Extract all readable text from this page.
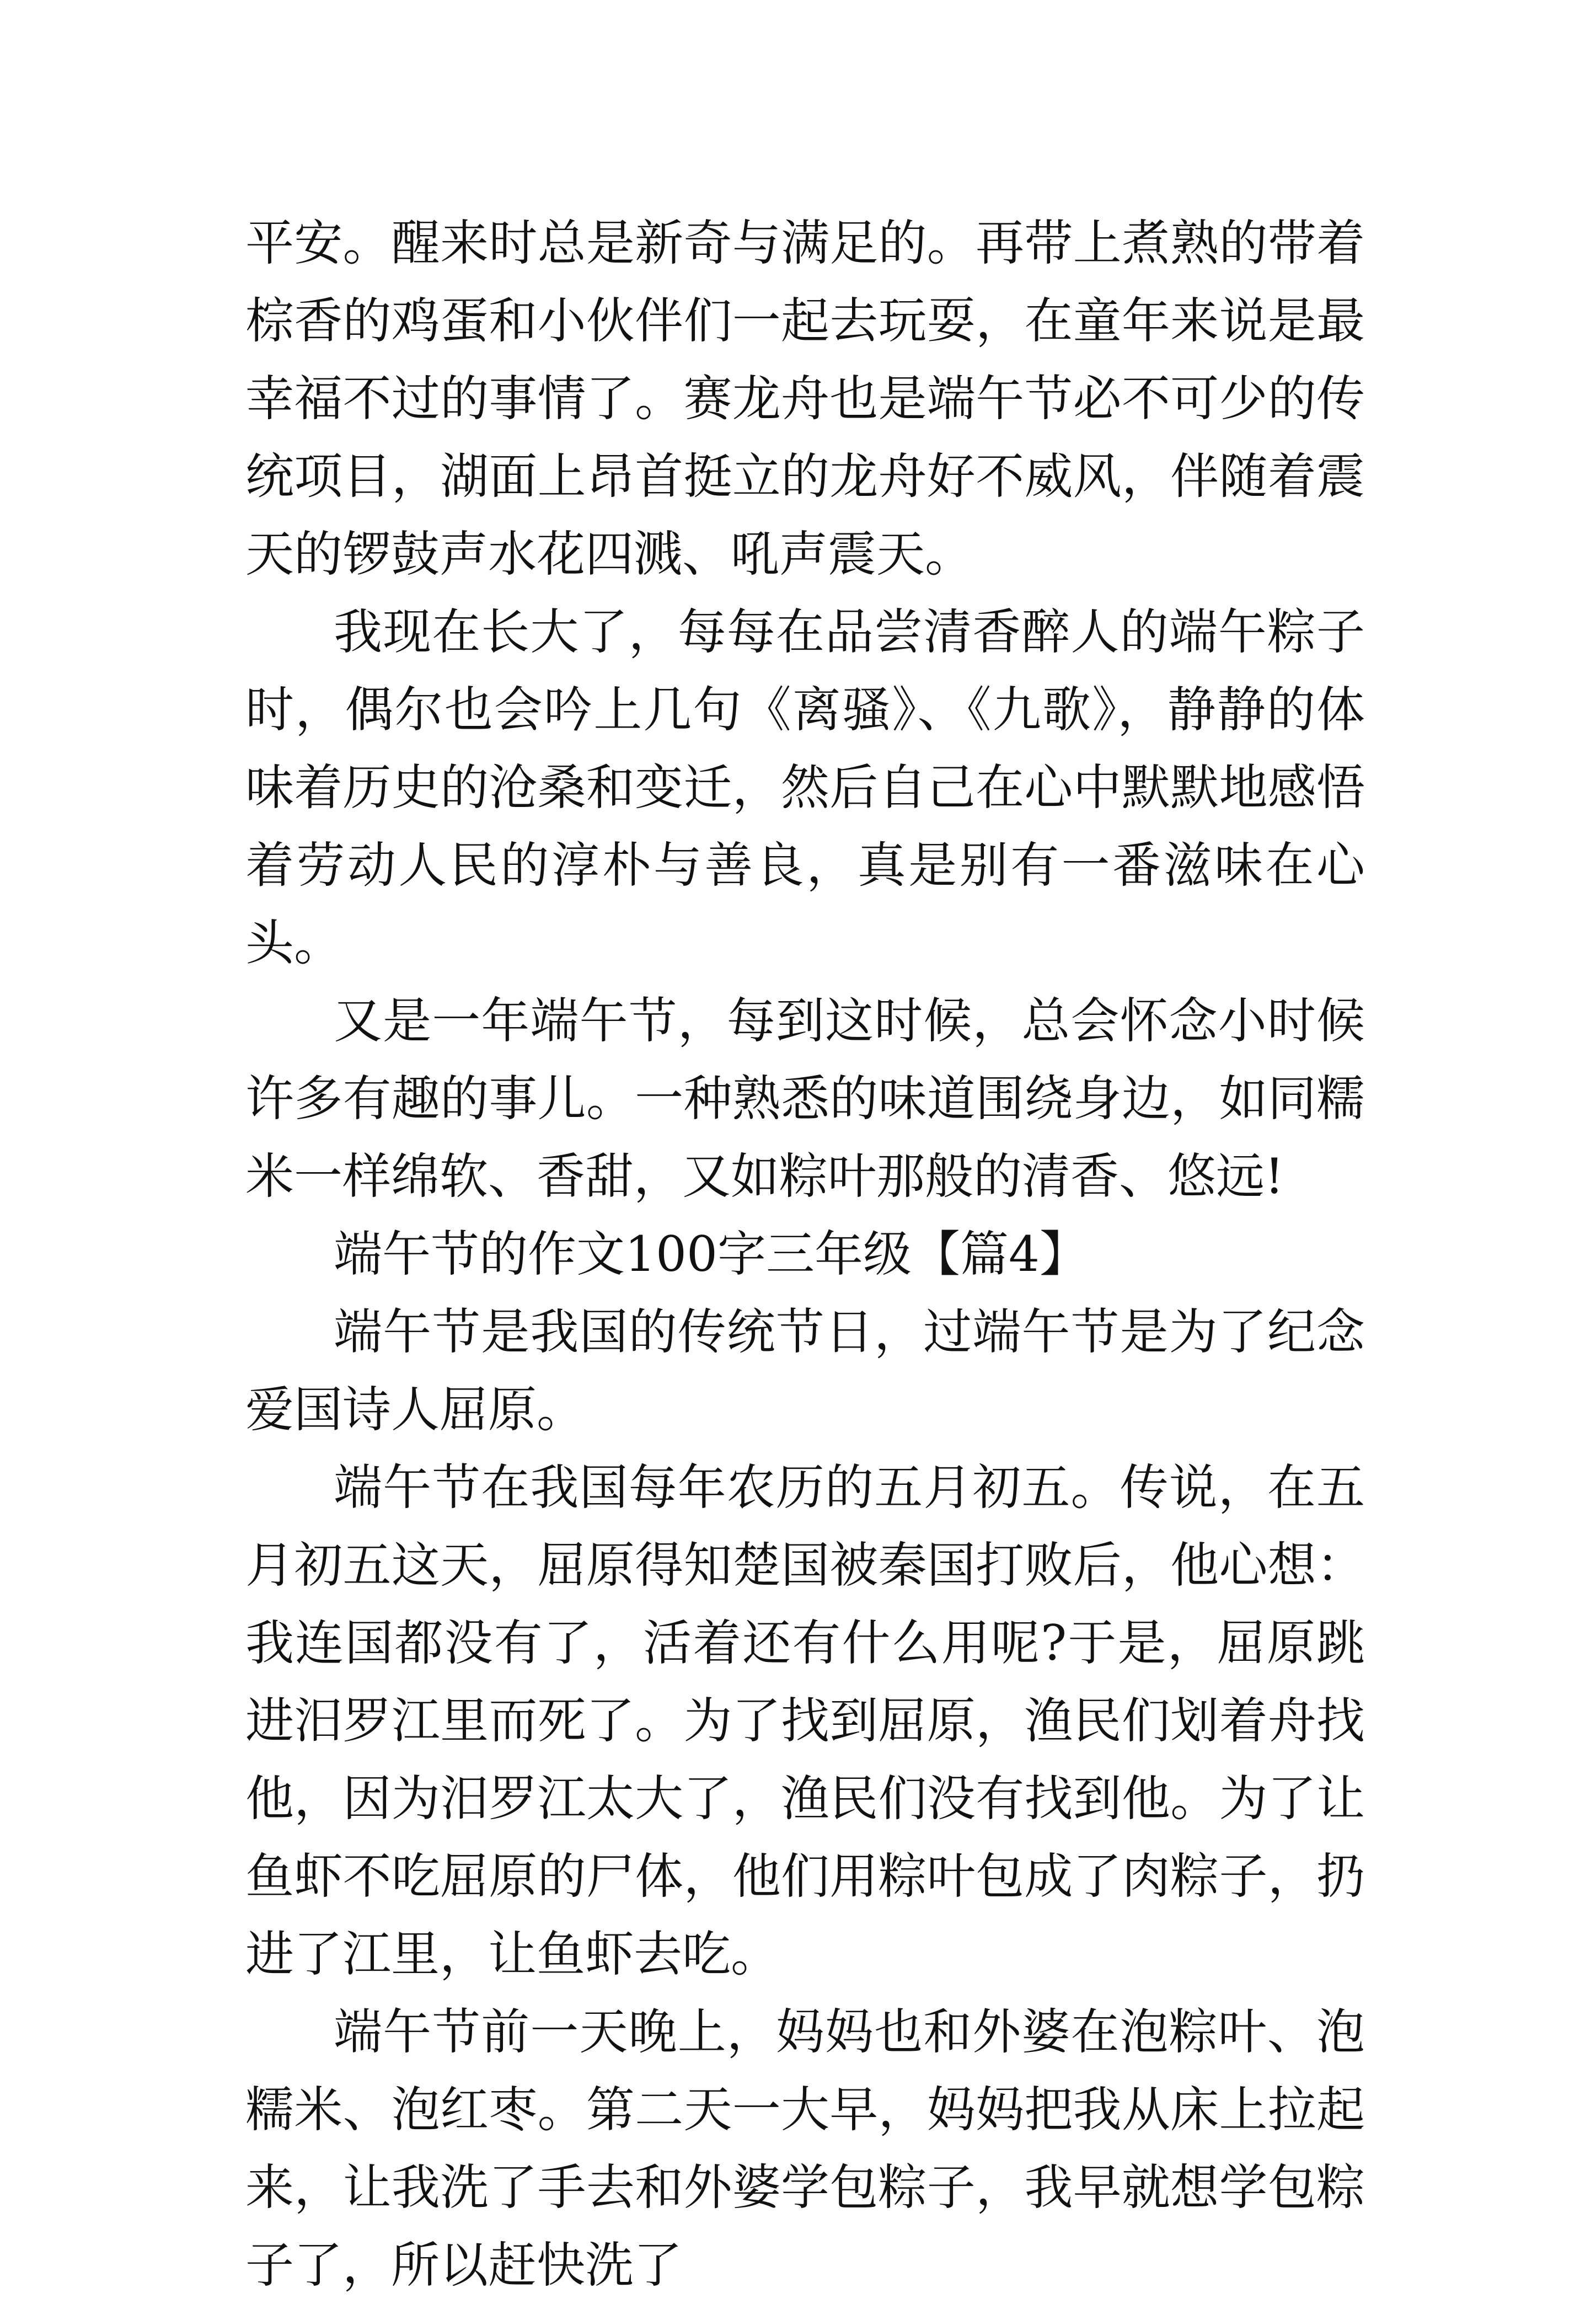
平安。醒来时总是新奇与满足的。再带上煮熟的带着棕香的鸡蛋和小伙伴们一起去玩耍，在童年来说是最幸福不过的事情了。赛龙舟也是端午节必不可少的传统项目，湖面上昂首挺立的龙舟好不威风，伴随着震天的锣鼓声水花四溅、吼声震天。

我现在长大了，每每在品尝清香醉人的端午粽子时，偶尔也会吟上几句《离骚》、《九歌》，静静的体味着历史的沧桑和变迁，然后自己在心中默默地感悟着劳动人民的淳朴与善良，真是别有一番滋味在心头。

又是一年端午节，每到这时候，总会怀念小时候许多有趣的事儿。一种熟悉的味道围绕身边，如同糯米一样绵软、香甜，又如粽叶那般的清香、悠远!

端午节的作文100字三年级【篇4】

端午节是我国的传统节日，过端午节是为了纪念爱国诗人屈原。

端午节在我国每年农历的五月初五。传说，在五月初五这天，屈原得知楚国被秦国打败后，他心想：我连国都没有了，活着还有什么用呢?于是，屈原跳进汨罗江里而死了。为了找到屈原，渔民们划着舟找他，因为汨罗江太大了，渔民们没有找到他。为了让鱼虾不吃屈原的尸体，他们用粽叶包成了肉粽子，扔进了江里，让鱼虾去吃。

端午节前一天晚上，妈妈也和外婆在泡粽叶、泡糯米、泡红枣。第二天一大早，妈妈把我从床上拉起来，让我洗了手去和外婆学包粽子，我早就想学包粽子了，所以赶快洗了
